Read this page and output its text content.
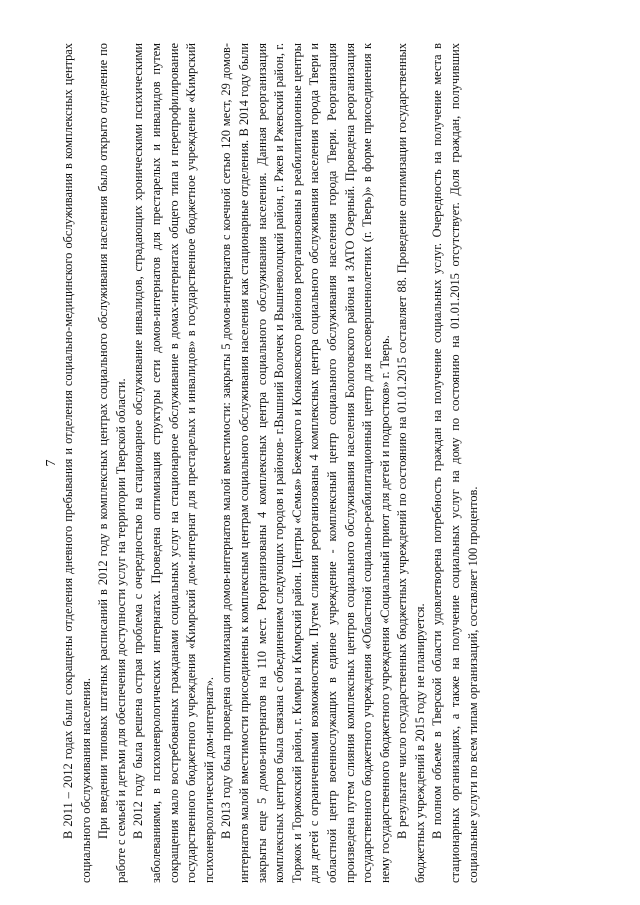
7 В 2011 – 2012 годах были сокращены отделения дневного пребывания и отделения социально-медицинского обслуживания в комплексных центрах социального обслуживания населения. При введении типовых штатных расписаний в 2012 году в комплексных центрах социального обслуживания населения было открыто отделение по работе с семьей и детьми для обеспечения доступности услуг на территории Тверской области. В 2012 году была решена острая проблема с очередностью на стационарное обслуживание инвалидов, страдающих хроническими психическими заболеваниями, в психоневрологических интернатах. Проведена оптимизация структуры сети домов-интернатов для престарелых и инвалидов путем сокращения мало востребованных гражданами социальных услуг на стационарное обслуживание в домах-интернатах общего типа и перепрофилирование государственного бюджетного учреждения «Кимрский дом-интернат для престарелых и инвалидов» в государственное бюджетное учреждение «Кимрский психоневрологический дом-интернат». В 2013 году была проведена оптимизация домов-интернатов малой вместимости: закрыты 5 домов-интернатов с коечной сетью 120 мест, 29 домов-интернатов малой вместимости присоединены к комплексным центрам социального обслуживания населения как стационарные отделения. В 2014 году были закрыты еще 5 домов-интернатов на 110 мест. Реорганизованы 4 комплексных центра социального обслуживания населения. Данная реорганизация комплексных центров была связана с объединением следующих городов и районов- г.Вышний Волочек и Вышневолоцкий район, г. Ржев и Ржевский район, г. Торжок и Торжокский район, г. Кимры и Кимрский район. Центры «Семья» Бежецкого и Конаковского районов реорганизованы в реабилитационные центры для детей с ограниченными возможностями. Путем слияния реорганизованы 4 комплексных центра социального обслуживания населения города Твери и областной центр военнослужащих в единое учреждение - комплексный центр социального обслуживания населения города Твери. Реорганизация произведена путем слияния комплексных центров социального обслуживания населения Бологовского района и ЗАТО Озерный. Проведена реорганизация государственного бюджетного учреждения «Областной социально-реабилитационный центр для несовершеннолетних (г. Тверь)» в форме присоединения к нему государственного бюджетного учреждения «Социальный приют для детей и подростков» г. Тверь. В результате число государственных бюджетных учреждений по состоянию на 01.01.2015 составляет 88. Проведение оптимизации государственных бюджетных учреждений в 2015 году не планируется. В полном объеме в Тверской области удовлетворена потребность граждан на получение социальных услуг. Очередность на получение места в стационарных организациях, а также на получение социальных услуг на дому по состоянию на 01.01.2015 отсутствует. Доля граждан, получивших социальные услуги по всем типам организаций, составляет 100 процентов.
